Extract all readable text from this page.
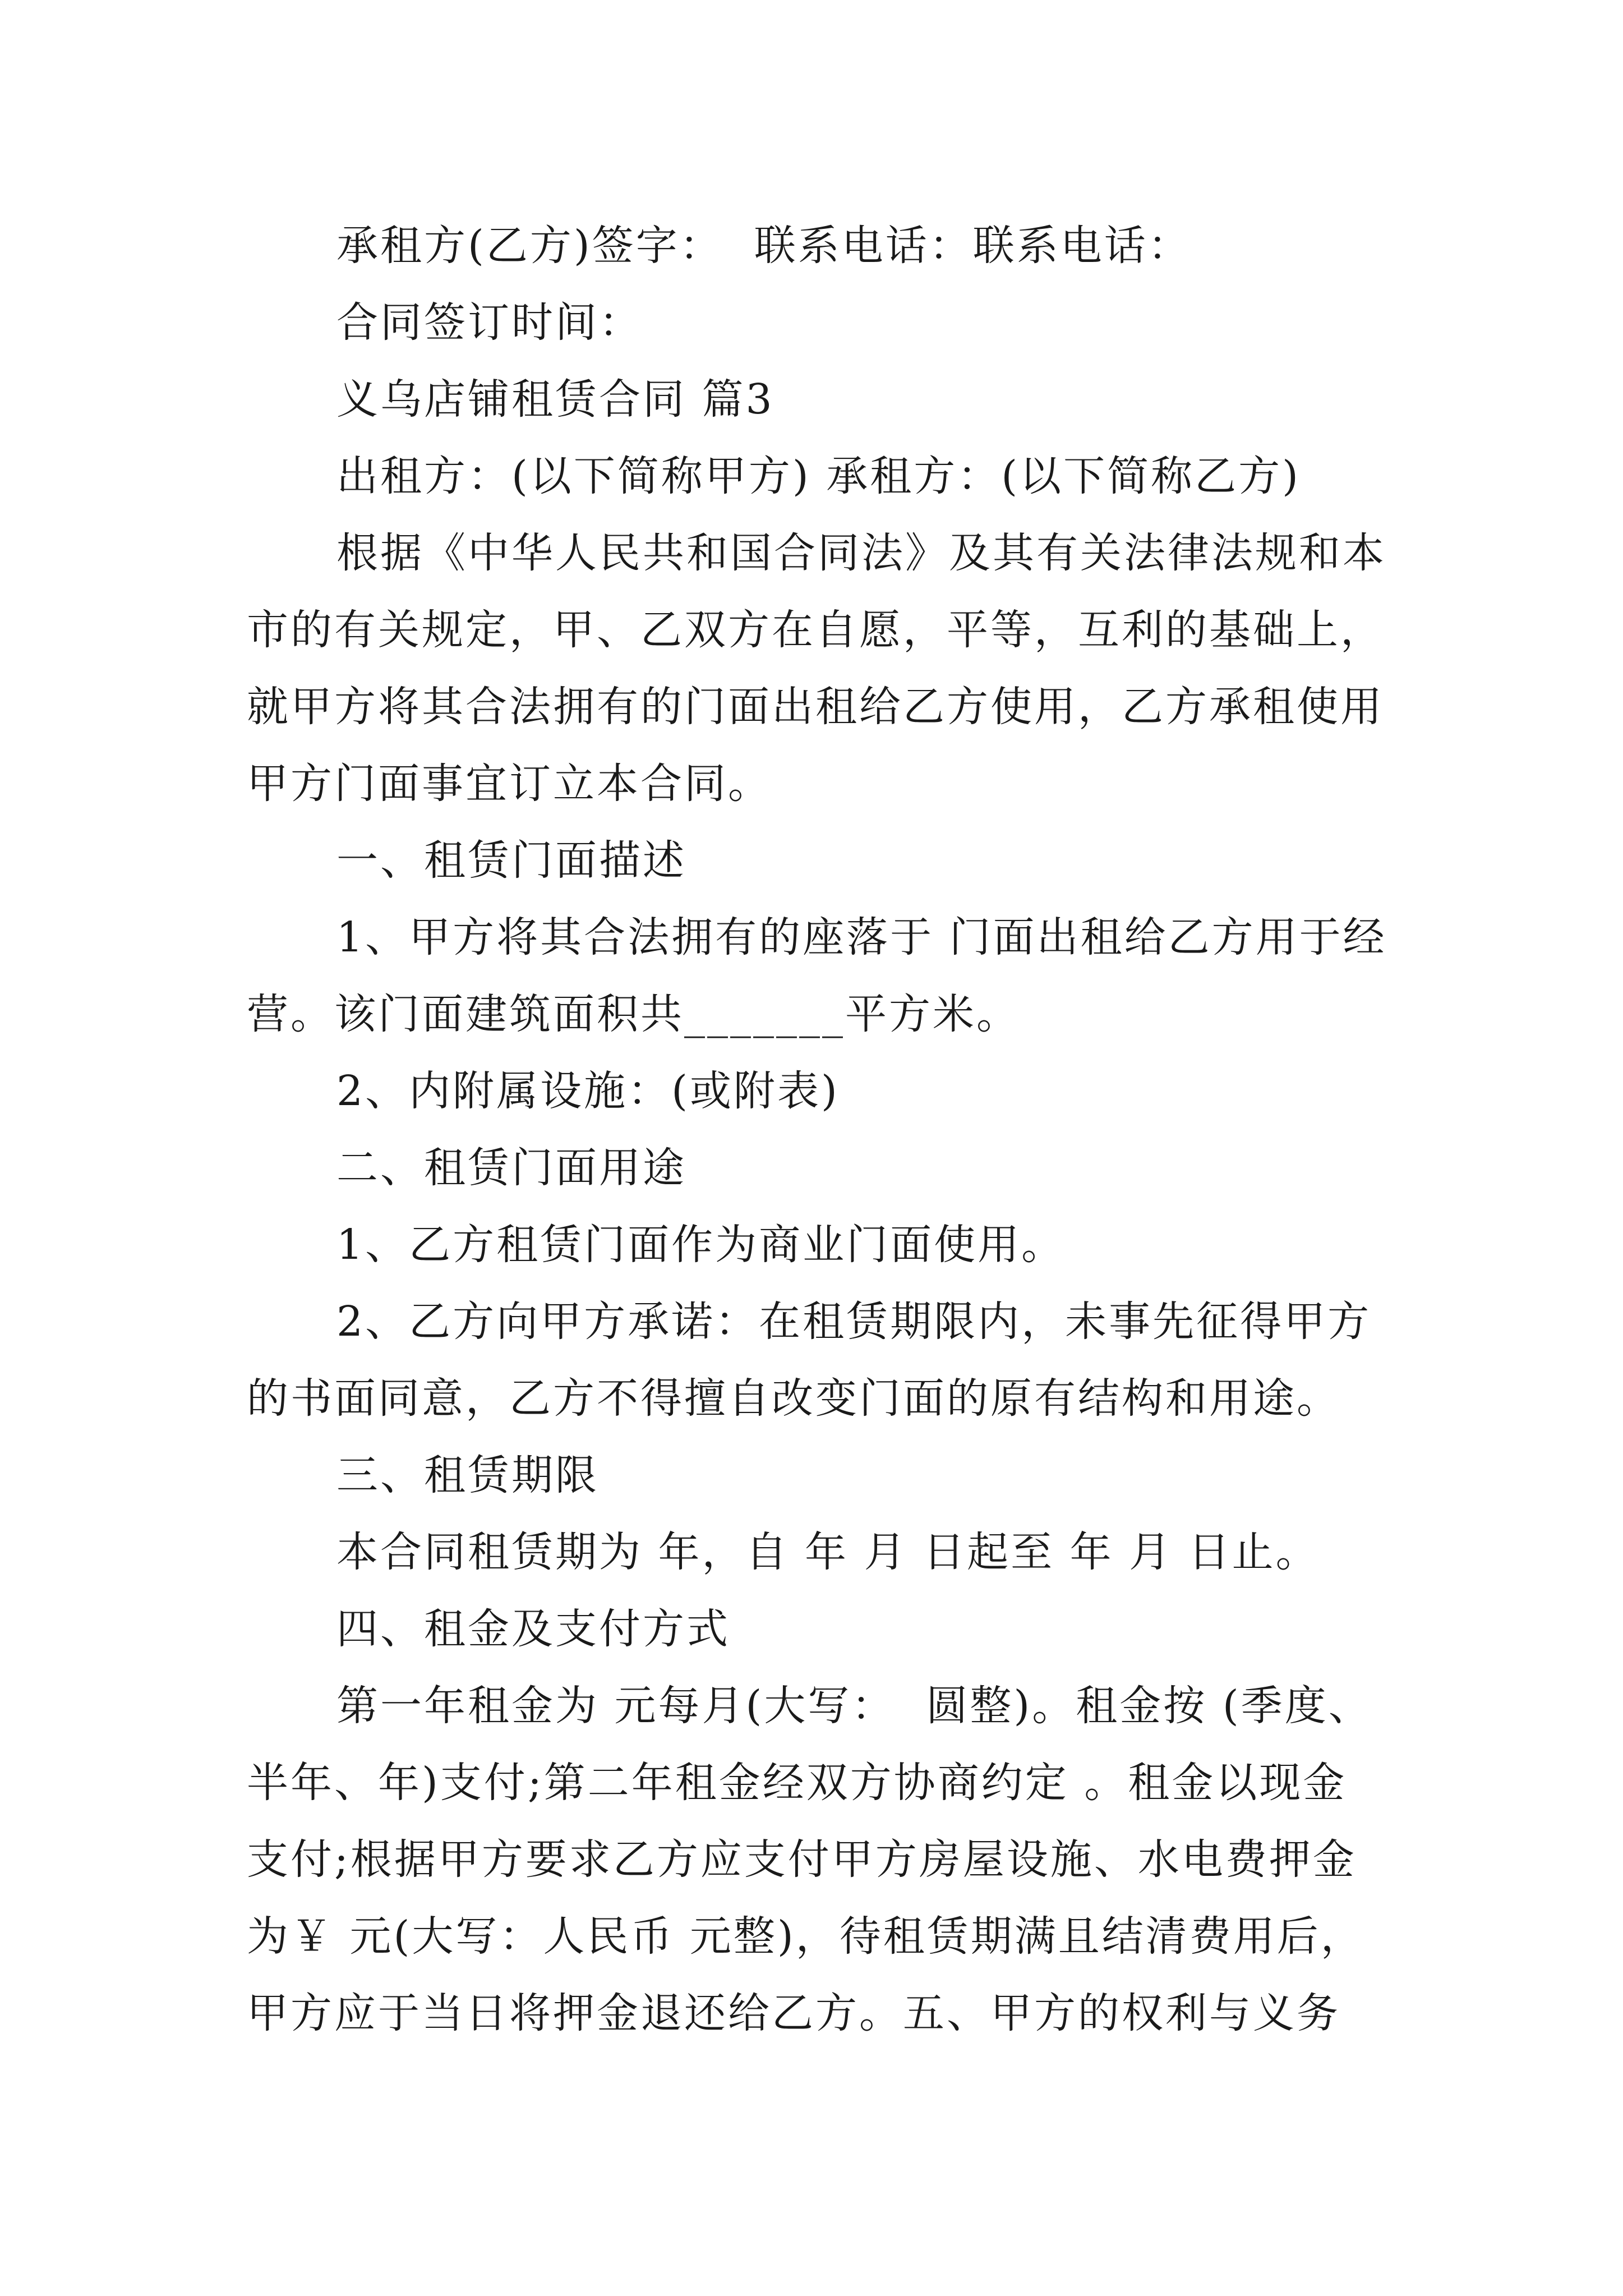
承租方(乙方)签字：  联系电话：联系电话：
合同签订时间：
义乌店铺租赁合同 篇3
出租方：(以下简称甲方) 承租方：(以下简称乙方)
根据《中华人民共和国合同法》及其有关法律法规和本
市的有关规定，甲、乙双方在自愿，平等，互利的基础上，
就甲方将其合法拥有的门面出租给乙方使用，乙方承租使用
甲方门面事宜订立本合同。
一、租赁门面描述
1、甲方将其合法拥有的座落于 门面出租给乙方用于经
营。该门面建筑面积共_______平方米。
2、内附属设施：(或附表)
二、租赁门面用途
1、乙方租赁门面作为商业门面使用。
2、乙方向甲方承诺：在租赁期限内，未事先征得甲方
的书面同意，乙方不得擅自改变门面的原有结构和用途。
三、租赁期限
本合同租赁期为 年，自 年 月 日起至 年 月 日止。
四、租金及支付方式
第一年租金为 元每月(大写：  圆整)。租金按 (季度、
半年、年)支付;第二年租金经双方协商约定 。租金以现金
支付;根据甲方要求乙方应支付甲方房屋设施、水电费押金
为￥ 元(大写：人民币 元整)，待租赁期满且结清费用后，
甲方应于当日将押金退还给乙方。五、甲方的权利与义务
